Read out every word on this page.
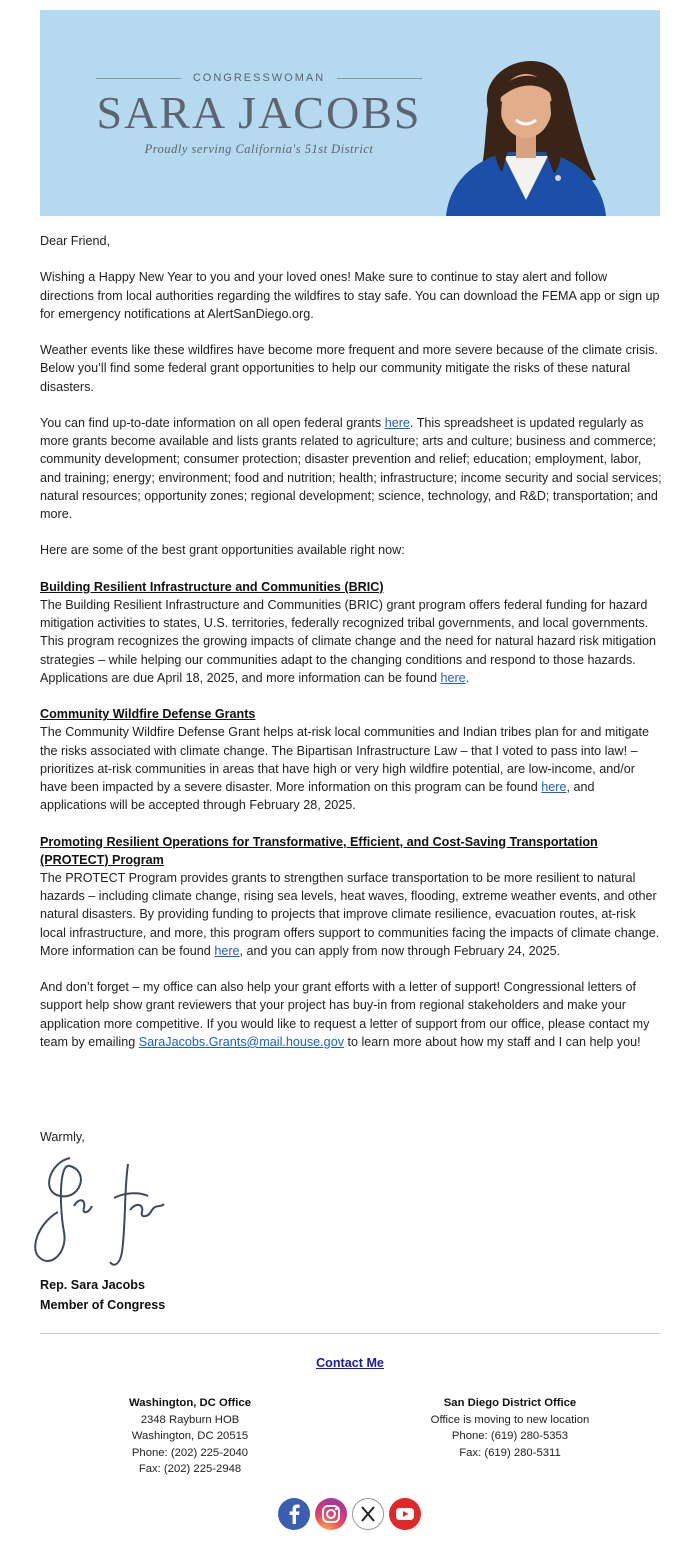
CONGRESSWOMAN
SARA JACOBS
Proudly serving California's 51st District

Dear Friend,

Wishing a Happy New Year to you and your loved ones! Make sure to continue to stay alert and follow directions from local authorities regarding the wildfires to stay safe. You can download the FEMA app or sign up for emergency notifications at AlertSanDiego.org.

Weather events like these wildfires have become more frequent and more severe because of the climate crisis. Below you’ll find some federal grant opportunities to help our community mitigate the risks of these natural disasters.

You can find up-to-date information on all open federal grants here. This spreadsheet is updated regularly as more grants become available and lists grants related to agriculture; arts and culture; business and commerce; community development; consumer protection; disaster prevention and relief; education; employment, labor, and training; energy; environment; food and nutrition; health; infrastructure; income security and social services; natural resources; opportunity zones; regional development; science, technology, and R&D; transportation; and more.

Here are some of the best grant opportunities available right now:

Building Resilient Infrastructure and Communities (BRIC)
The Building Resilient Infrastructure and Communities (BRIC) grant program offers federal funding for hazard mitigation activities to states, U.S. territories, federally recognized tribal governments, and local governments. This program recognizes the growing impacts of climate change and the need for natural hazard risk mitigation strategies – while helping our communities adapt to the changing conditions and respond to those hazards. Applications are due April 18, 2025, and more information can be found here.

Community Wildfire Defense Grants
The Community Wildfire Defense Grant helps at-risk local communities and Indian tribes plan for and mitigate the risks associated with climate change. The Bipartisan Infrastructure Law – that I voted to pass into law! – prioritizes at-risk communities in areas that have high or very high wildfire potential, are low-income, and/or have been impacted by a severe disaster. More information on this program can be found here, and applications will be accepted through February 28, 2025.

Promoting Resilient Operations for Transformative, Efficient, and Cost-Saving Transportation (PROTECT) Program
The PROTECT Program provides grants to strengthen surface transportation to be more resilient to natural hazards – including climate change, rising sea levels, heat waves, flooding, extreme weather events, and other natural disasters. By providing funding to projects that improve climate resilience, evacuation routes, at-risk local infrastructure, and more, this program offers support to communities facing the impacts of climate change. More information can be found here, and you can apply from now through February 24, 2025.

And don’t forget – my office can also help your grant efforts with a letter of support! Congressional letters of support help show grant reviewers that your project has buy-in from regional stakeholders and make your application more competitive. If you would like to request a letter of support from our office, please contact my team by emailing SaraJacobs.Grants@mail.house.gov to learn more about how my staff and I can help you!

Warmly,

Rep. Sara Jacobs
Member of Congress
Contact Me
Washington, DC Office
2348 Rayburn HOB
Washington, DC 20515
Phone: (202) 225-2040
Fax: (202) 225-2948
San Diego District Office
Office is moving to new location
Phone: (619) 280-5353
Fax: (619) 280-5311
